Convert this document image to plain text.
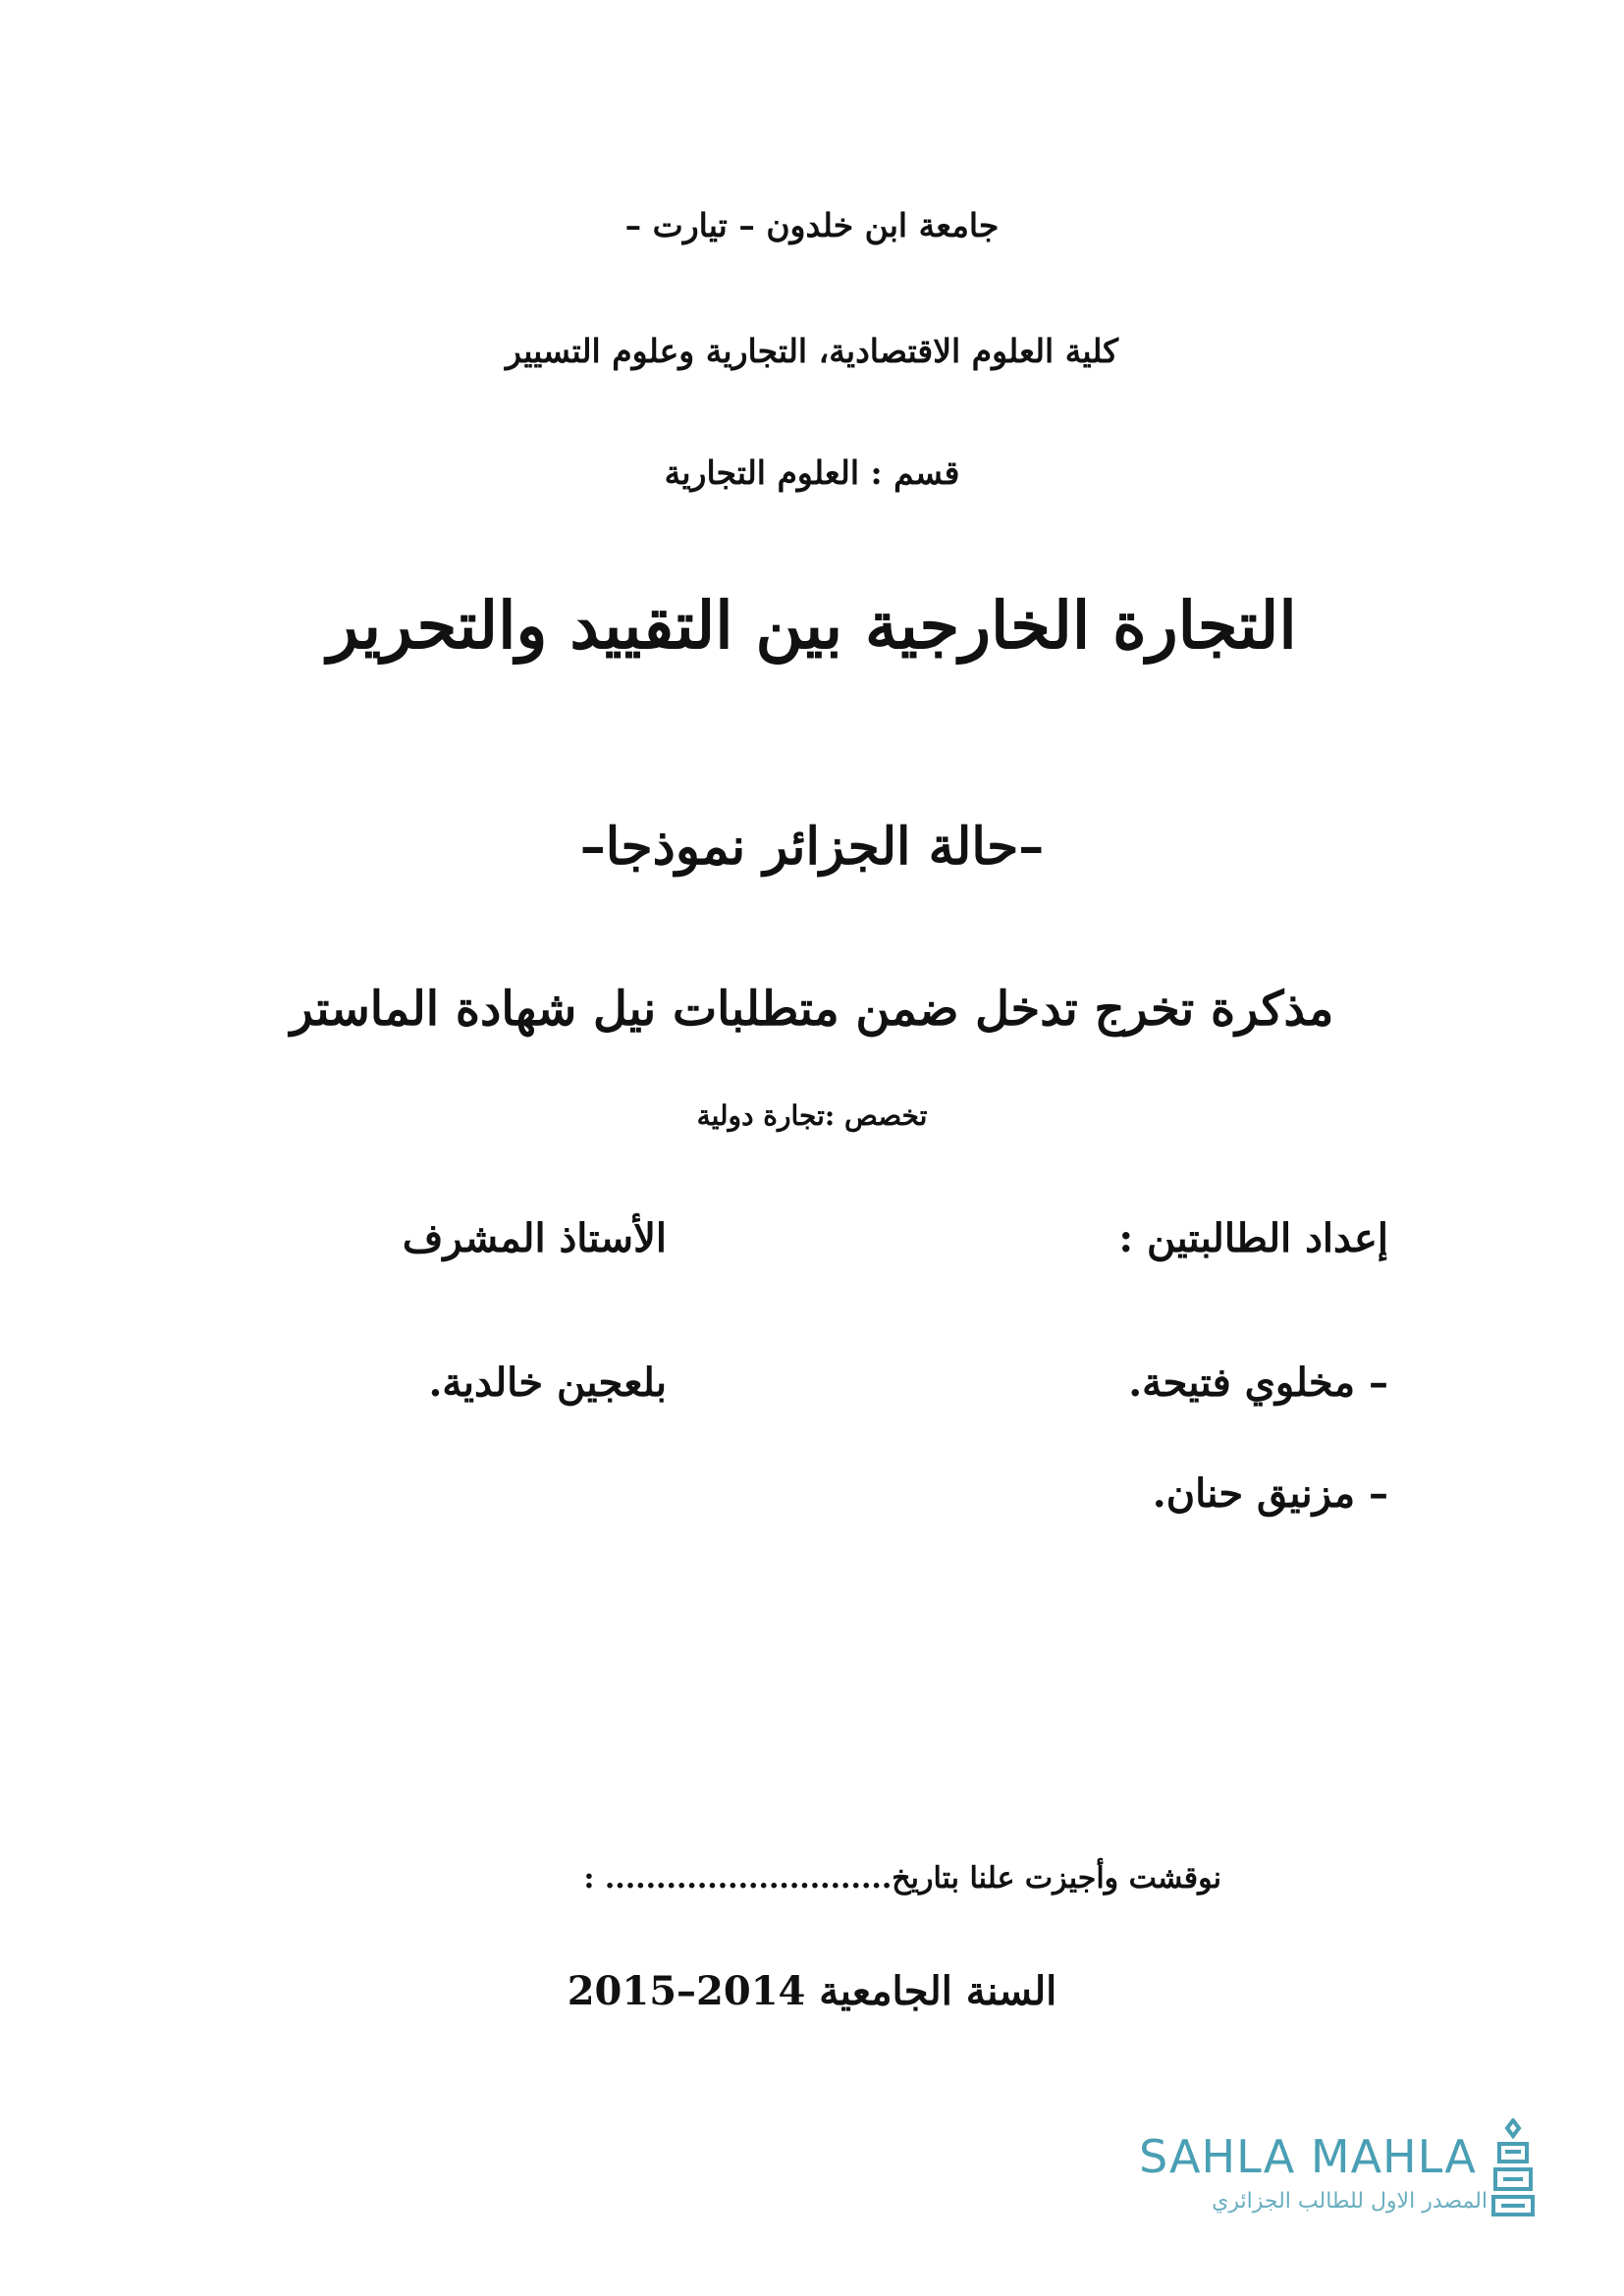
جامعة ابن خلدون – تيارت –
كلية العلوم الاقتصادية، التجارية وعلوم التسيير
قسم : العلوم التجارية
التجارة الخارجية بين التقييد والتحرير
–حالة الجزائر نموذجا–
مذكرة تخرج تدخل ضمن متطلبات نيل شهادة الماستر
تخصص :تجارة دولية
إعداد الطالبتين :
الأستاذ المشرف
– مخلوي فتيحة.
بلعجين خالدية.
– مزنيق حنان.
نوقشت وأجيزت علنا بتاريخ............................ :
السنة الجامعية 2014–2015
SAHLA MAHLA
المصدر الاول للطالب الجزائري
